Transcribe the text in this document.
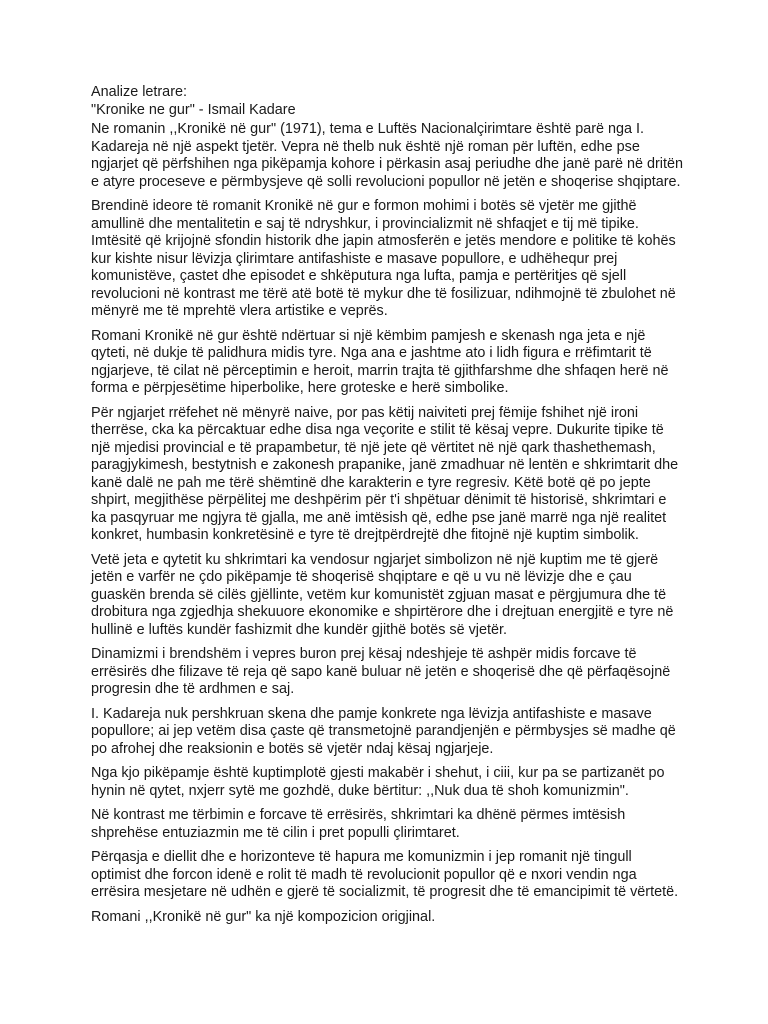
Analize letrare:

"Kronike ne gur" - Ismail Kadare

Ne romanin ,,Kronikë në gur" (1971), tema e Luftës Nacionalçirimtare është parë nga I. Kadareja në një aspekt tjetër. Vepra në thelb nuk është një roman për luftën, edhe pse ngjarjet që përfshihen nga pikëpamja kohore i përkasin asaj periudhe dhe janë parë në dritën e atyre proceseve e përmbysjeve që solli revolucioni popullor në jetën e shoqerise shqiptare.

Brendinë ideore të romanit Kronikë në gur e formon mohimi i botës së vjetër me gjithë amullinë dhe mentalitetin e saj të ndryshkur, i provincializmit në shfaqjet e tij më tipike. Imtësitë që krijojnë sfondin historik dhe japin atmosferën e jetës mendore e politike të kohës kur kishte nisur lëvizja çlirimtare antifashiste e masave popullore, e udhëhequr prej komunistëve, çastet dhe episodet e shkëputura nga lufta, pamja e pertëritjes që sjell revolucioni në kontrast me tërë atë botë të mykur dhe të fosilizuar, ndihmojnë të zbulohet në mënyrë me të mprehtë vlera artistike e veprës.

Romani Kronikë në gur është ndërtuar si një këmbim pamjesh e skenash nga jeta e një qyteti, në dukje të palidhura midis tyre. Nga ana e jashtme ato i lidh figura e rrëfimtarit të ngjarjeve, të cilat në përceptimin e heroit, marrin trajta të gjithfarshme dhe shfaqen herë në forma e përpjesëtime hiperbolike, here groteske e herë simbolike.

Për ngjarjet rrëfehet në mënyrë naive, por pas këtij naiviteti prej fëmije fshihet një ironi therrëse, cka ka përcaktuar edhe disa nga veçorite e stilit të kësaj vepre. Dukurite tipike të një mjedisi provincial e të prapambetur, të një jete që vërtitet në një qark thashethemash, paragjykimesh, bestytnish e zakonesh prapanike, janë zmadhuar në lentën e shkrimtarit dhe kanë dalë ne pah me tërë shëmtinë dhe karakterin e tyre regresiv. Këtë botë që po jepte shpirt, megjithëse përpëlitej me deshpërim për t'i shpëtuar dënimit të historisë, shkrimtari e ka pasqyruar me ngjyra të gjalla, me anë imtësish që, edhe pse janë marrë nga një realitet konkret, humbasin konkretësinë e tyre të drejtpërdrejtë dhe fitojnë një kuptim simbolik.

Vetë jeta e qytetit ku shkrimtari ka vendosur ngjarjet simbolizon në një kuptim me të gjerë jetën e varfër ne çdo pikëpamje të shoqerisë shqiptare e që u vu në lëvizje dhe e çau guaskën brenda së cilës gjëllinte, vetëm kur komunistët zgjuan masat e përgjumura dhe të drobitura nga zgjedhja shekuuore ekonomike e shpirtërore dhe i drejtuan energjitë e tyre në hullinë e luftës kundër fashizmit dhe kundër gjithë botës së vjetër.

Dinamizmi i brendshëm i vepres buron prej kësaj ndeshjeje të ashpër midis forcave të errësirës dhe filizave të reja që sapo kanë buluar në jetën e shoqerisë dhe që përfaqësojnë progresin dhe të ardhmen e saj.

I. Kadareja nuk pershkruan skena dhe pamje konkrete nga lëvizja antifashiste e masave popullore; ai jep vetëm disa çaste që transmetojnë parandjenjën e përmbysjes së madhe që po afrohej dhe reaksionin e botës së vjetër ndaj kësaj ngjarjeje.

Nga kjo pikëpamje është kuptimplotë gjesti makabër i shehut, i ciii, kur pa se partizanët po hynin në qytet, nxjerr sytë me gozhdë, duke bërtitur: ,,Nuk dua të shoh komunizmin".

Në kontrast me tërbimin e forcave të errësirës, shkrimtari ka dhënë përmes imtësish shprehëse entuziazmin me të cilin i pret populli çlirimtaret.

Përqasja e diellit dhe e horizonteve të hapura me komunizmin i jep romanit një tingull optimist dhe forcon idenë e rolit të madh të revolucionit popullor që e nxori vendin nga errësira mesjetare në udhën e gjerë të socializmit, të progresit dhe të emancipimit të vërtetë.

Romani ,,Kronikë në gur" ka një kompozicion origjinal.
